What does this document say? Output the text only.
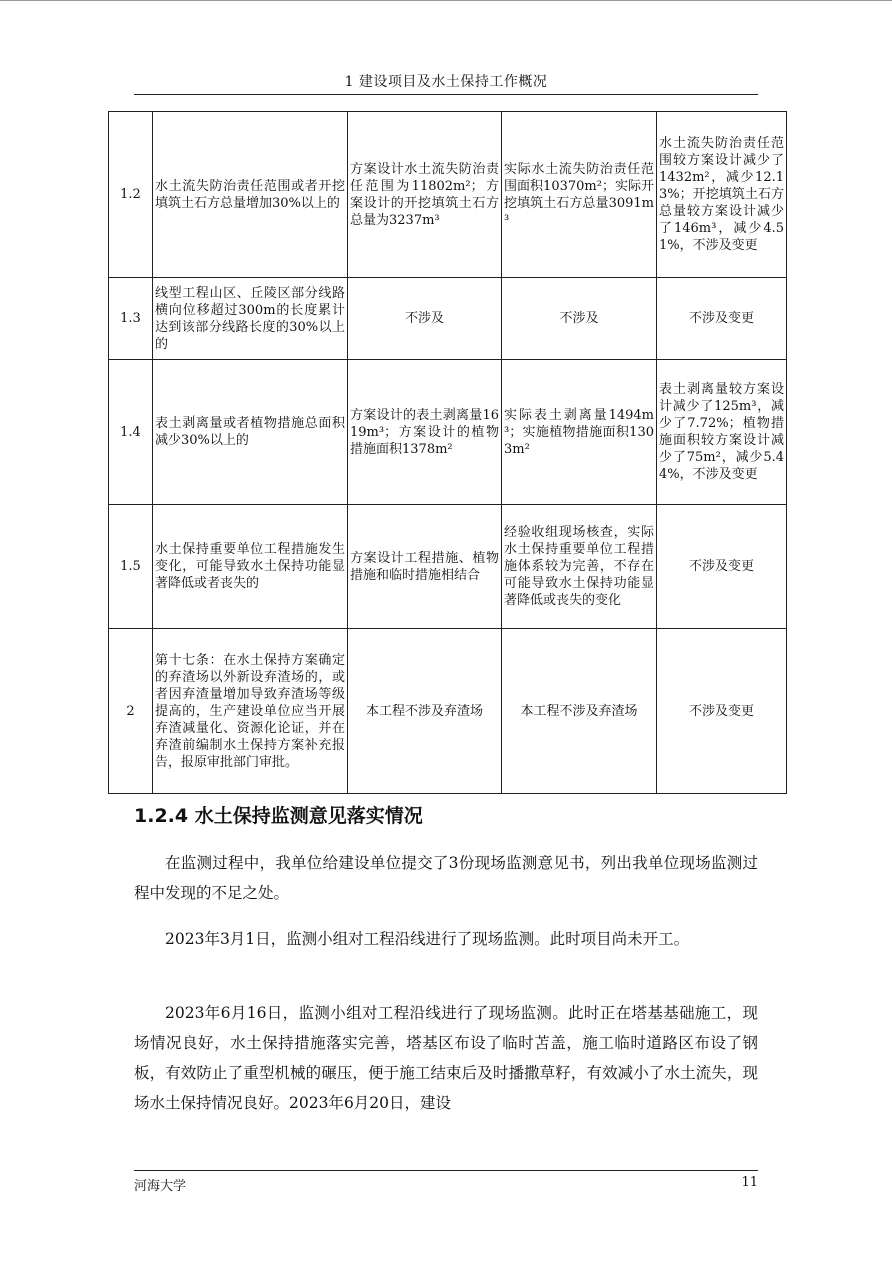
1 建设项目及水土保持工作概况
1.2	水土流失防治责任范围或者开挖填筑土石方总量增加30%以上的	方案设计水土流失防治责任范围为11802m²；方案设计的开挖填筑土石方总量为3237m³	实际水土流失防治责任范围面积10370m²；实际开挖填筑土石方总量3091m³	水土流失防治责任范围较方案设计减少了1432m²，减少12.13%；开挖填筑土石方总量较方案设计减少了146m³，减少4.51%，不涉及变更
1.3	线型工程山区、丘陵区部分线路横向位移超过300m的长度累计达到该部分线路长度的30%以上的	不涉及	不涉及	不涉及变更
1.4	表土剥离量或者植物措施总面积减少30%以上的	方案设计的表土剥离量1619m³；方案设计的植物措施面积1378m²	实际表土剥离量1494m³；实施植物措施面积1303m²	表土剥离量较方案设计减少了125m³，减少了7.72%；植物措施面积较方案设计减少了75m²，减少5.44%，不涉及变更
1.5	水土保持重要单位工程措施发生变化，可能导致水土保持功能显著降低或者丧失的	方案设计工程措施、植物措施和临时措施相结合	经验收组现场核查，实际水土保持重要单位工程措施体系较为完善，不存在可能导致水土保持功能显著降低或丧失的变化	不涉及变更
2	第十七条：在水土保持方案确定的弃渣场以外新设弃渣场的，或者因弃渣量增加导致弃渣场等级提高的，生产建设单位应当开展弃渣减量化、资源化论证，并在弃渣前编制水土保持方案补充报告，报原审批部门审批。	本工程不涉及弃渣场	本工程不涉及弃渣场	不涉及变更
1.2.4 水土保持监测意见落实情况
在监测过程中，我单位给建设单位提交了3份现场监测意见书，列出我单位现场监测过程中发现的不足之处。
2023年3月1日，监测小组对工程沿线进行了现场监测。此时项目尚未开工。
2023年6月16日，监测小组对工程沿线进行了现场监测。此时正在塔基基础施工，现场情况良好，水土保持措施落实完善，塔基区布设了临时苫盖，施工临时道路区布设了钢板，有效防止了重型机械的碾压，便于施工结束后及时播撒草籽，有效减小了水土流失，现场水土保持情况良好。2023年6月20日，建设
河海大学	11
